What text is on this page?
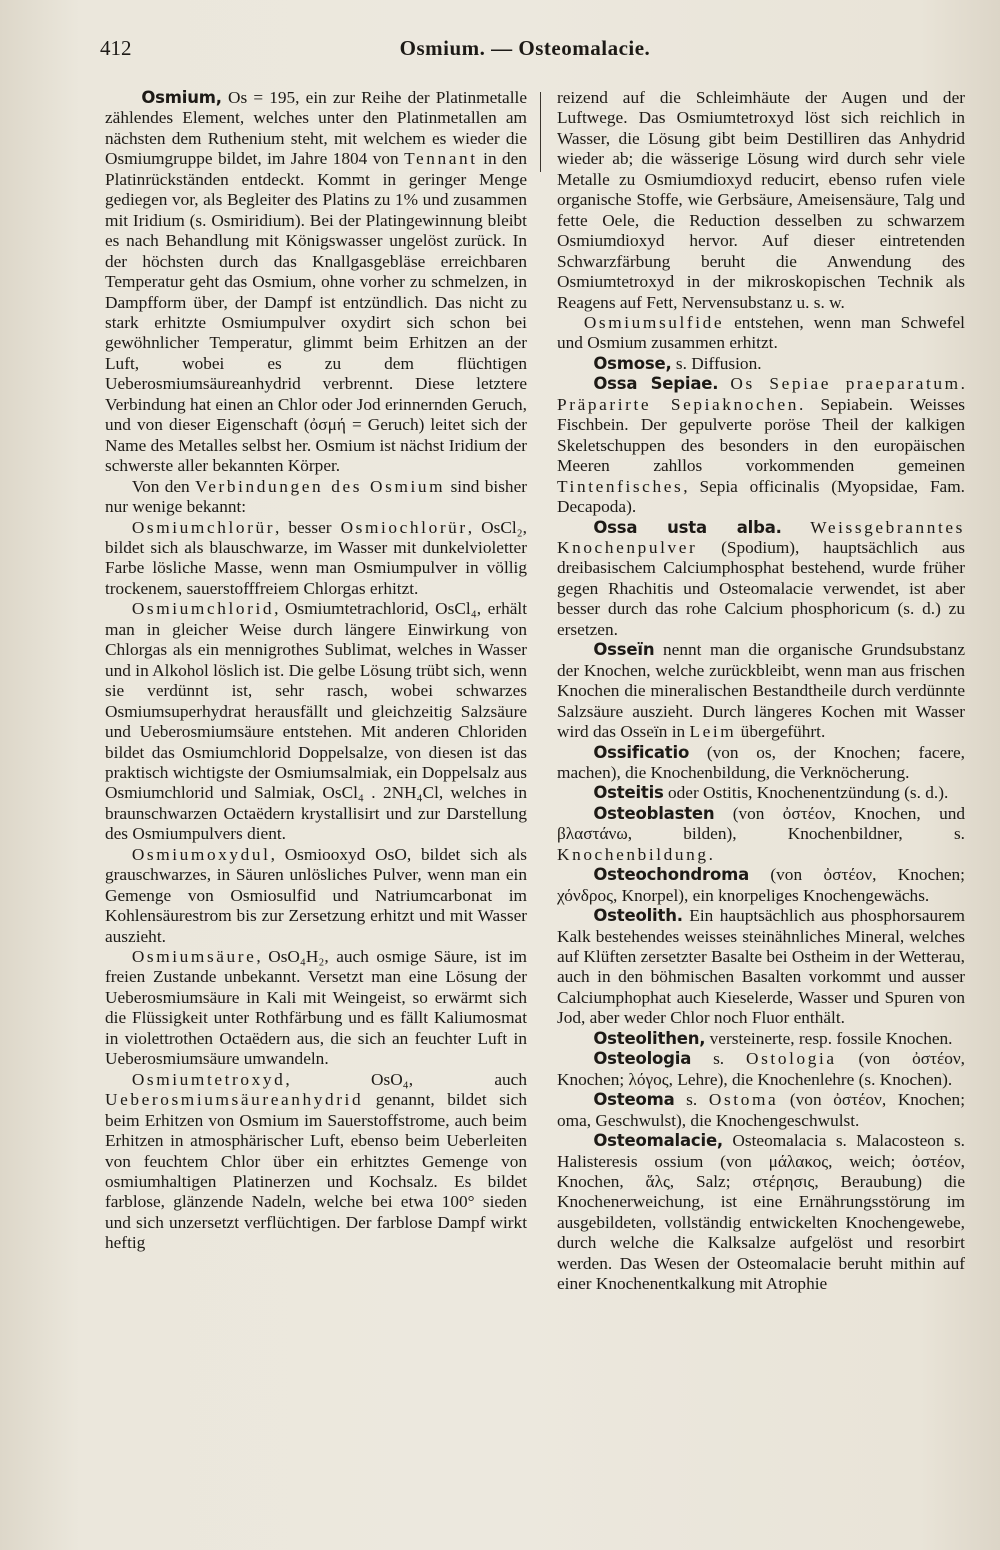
412	Osmium. — Osteomalacie.

Osmium, Os = 195, ein zur Reihe der Platinmetalle zählendes Element, welches unter den Platinmetallen am nächsten dem Ruthenium steht, mit welchem es wieder die Osmiumgruppe bildet, im Jahre 1804 von Tennant in den Platinrückständen entdeckt. Kommt in geringer Menge gediegen vor, als Begleiter des Platins zu 1% und zusammen mit Iridium (s. Osmiridium). Bei der Platingewinnung bleibt es nach Behandlung mit Königswasser ungelöst zurück. In der höchsten durch das Knallgasgebläse erreichbaren Temperatur geht das Osmium, ohne vorher zu schmelzen, in Dampfform über, der Dampf ist entzündlich. Das nicht zu stark erhitzte Osmiumpulver oxydirt sich schon bei gewöhnlicher Temperatur, glimmt beim Erhitzen an der Luft, wobei es zu dem flüchtigen Ueberosmiumsäureanhydrid verbrennt. Diese letztere Verbindung hat einen an Chlor oder Jod erinnernden Geruch, und von dieser Eigenschaft (ὀσμή = Geruch) leitet sich der Name des Metalles selbst her. Osmium ist nächst Iridium der schwerste aller bekannten Körper.

Von den Verbindungen des Osmium sind bisher nur wenige bekannt:

Osmiumchlorür, besser Osmiochlorür, OsCl₂, bildet sich als blauschwarze, im Wasser mit dunkelvioletter Farbe lösliche Masse, wenn man Osmiumpulver in völlig trockenem, sauerstofffreiem Chlorgas erhitzt.

Osmiumchlorid, Osmiumtetrachlorid, OsCl₄, erhält man in gleicher Weise durch längere Einwirkung von Chlorgas als ein mennigrothes Sublimat, welches in Wasser und in Alkohol löslich ist. Die gelbe Lösung trübt sich, wenn sie verdünnt ist, sehr rasch, wobei schwarzes Osmiumsuperhydrat herausfällt und gleichzeitig Salzsäure und Ueberosmiumsäure entstehen. Mit anderen Chloriden bildet das Osmiumchlorid Doppelsalze, von diesen ist das praktisch wichtigste der Osmiumsalmiak, ein Doppelsalz aus Osmiumchlorid und Salmiak, OsCl₄ . 2NH₄Cl, welches in braunschwarzen Octaëdern krystallisirt und zur Darstellung des Osmiumpulvers dient.

Osmiumoxydul, Osmiooxyd OsO, bildet sich als grauschwarzes, in Säuren unlösliches Pulver, wenn man ein Gemenge von Osmiosulfid und Natriumcarbonat im Kohlensäurestrom bis zur Zersetzung erhitzt und mit Wasser auszieht.

Osmiumsäure, OsO₄H₂, auch osmige Säure, ist im freien Zustande unbekannt. Versetzt man eine Lösung der Ueberosmiumsäure in Kali mit Weingeist, so erwärmt sich die Flüssigkeit unter Rothfärbung und es fällt Kaliumosmat in violettrothen Octaëdern aus, die sich an feuchter Luft in Ueberosmiumsäure umwandeln.

Osmiumtetroxyd, OsO₄, auch Ueberosmiumsäureanhydrid genannt, bildet sich beim Erhitzen von Osmium im Sauerstoffstrome, auch beim Erhitzen in atmosphärischer Luft, ebenso beim Ueberleiten von feuchtem Chlor über ein erhitztes Gemenge von osmiumhaltigen Platinerzen und Kochsalz. Es bildet farblose, glänzende Nadeln, welche bei etwa 100° sieden und sich unzersetzt verflüchtigen. Der farblose Dampf wirkt heftig

reizend auf die Schleimhäute der Augen und der Luftwege. Das Osmiumtetroxyd löst sich reichlich in Wasser, die Lösung gibt beim Destilliren das Anhydrid wieder ab; die wässerige Lösung wird durch sehr viele Metalle zu Osmiumdioxyd reducirt, ebenso rufen viele organische Stoffe, wie Gerbsäure, Ameisensäure, Talg und fette Oele, die Reduction desselben zu schwarzem Osmiumdioxyd hervor. Auf dieser eintretenden Schwarzfärbung beruht die Anwendung des Osmiumtetroxyd in der mikroskopischen Technik als Reagens auf Fett, Nervensubstanz u. s. w.

Osmiumsulfide entstehen, wenn man Schwefel und Osmium zusammen erhitzt.

Osmose, s. Diffusion.

Ossa Sepiae. Os Sepiae praeparatum. Präparirte Sepiaknochen. Sepiabein. Weisses Fischbein. Der gepulverte poröse Theil der kalkigen Skeletschuppen des besonders in den europäischen Meeren zahllos vorkommenden gemeinen Tintenfisches, Sepia officinalis (Myopsidae, Fam. Decapoda).

Ossa usta alba. Weissgebranntes Knochenpulver (Spodium), hauptsächlich aus dreibasischem Calciumphosphat bestehend, wurde früher gegen Rhachitis und Osteomalacie verwendet, ist aber besser durch das rohe Calcium phosphoricum (s. d.) zu ersetzen.

Osseïn nennt man die organische Grundsubstanz der Knochen, welche zurückbleibt, wenn man aus frischen Knochen die mineralischen Bestandtheile durch verdünnte Salzsäure auszieht. Durch längeres Kochen mit Wasser wird das Osseïn in Leim übergeführt.

Ossificatio (von os, der Knochen; facere, machen), die Knochenbildung, die Verknöcherung.

Osteitis oder Ostitis, Knochenentzündung (s. d.).

Osteoblasten (von ὀστέον, Knochen, und βλαστάνω, bilden), Knochenbildner, s. Knochenbildung.

Osteochondroma (von ὀστέον, Knochen; χόνδρος, Knorpel), ein knorpeliges Knochengewächs.

Osteolith. Ein hauptsächlich aus phosphorsaurem Kalk bestehendes weisses steinähnliches Mineral, welches auf Klüften zersetzter Basalte bei Ostheim in der Wetterau, auch in den böhmischen Basalten vorkommt und ausser Calciumphophat auch Kieselerde, Wasser und Spuren von Jod, aber weder Chlor noch Fluor enthält.

Osteolithen, versteinerte, resp. fossile Knochen.

Osteologia s. Ostologia (von ὀστέον, Knochen; λόγος, Lehre), die Knochenlehre (s. Knochen).

Osteoma s. Ostoma (von ὀστέον, Knochen; oma, Geschwulst), die Knochengeschwulst.

Osteomalacie, Osteomalacia s. Malacosteon s. Halisteresis ossium (von μάλακος, weich; ὀστέον, Knochen, ἅλς, Salz; στέρησις, Beraubung) die Knochenerweichung, ist eine Ernährungsstörung im ausgebildeten, vollständig entwickelten Knochengewebe, durch welche die Kalksalze aufgelöst und resorbirt werden. Das Wesen der Osteomalacie beruht mithin auf einer Knochenentkalkung mit Atrophie
